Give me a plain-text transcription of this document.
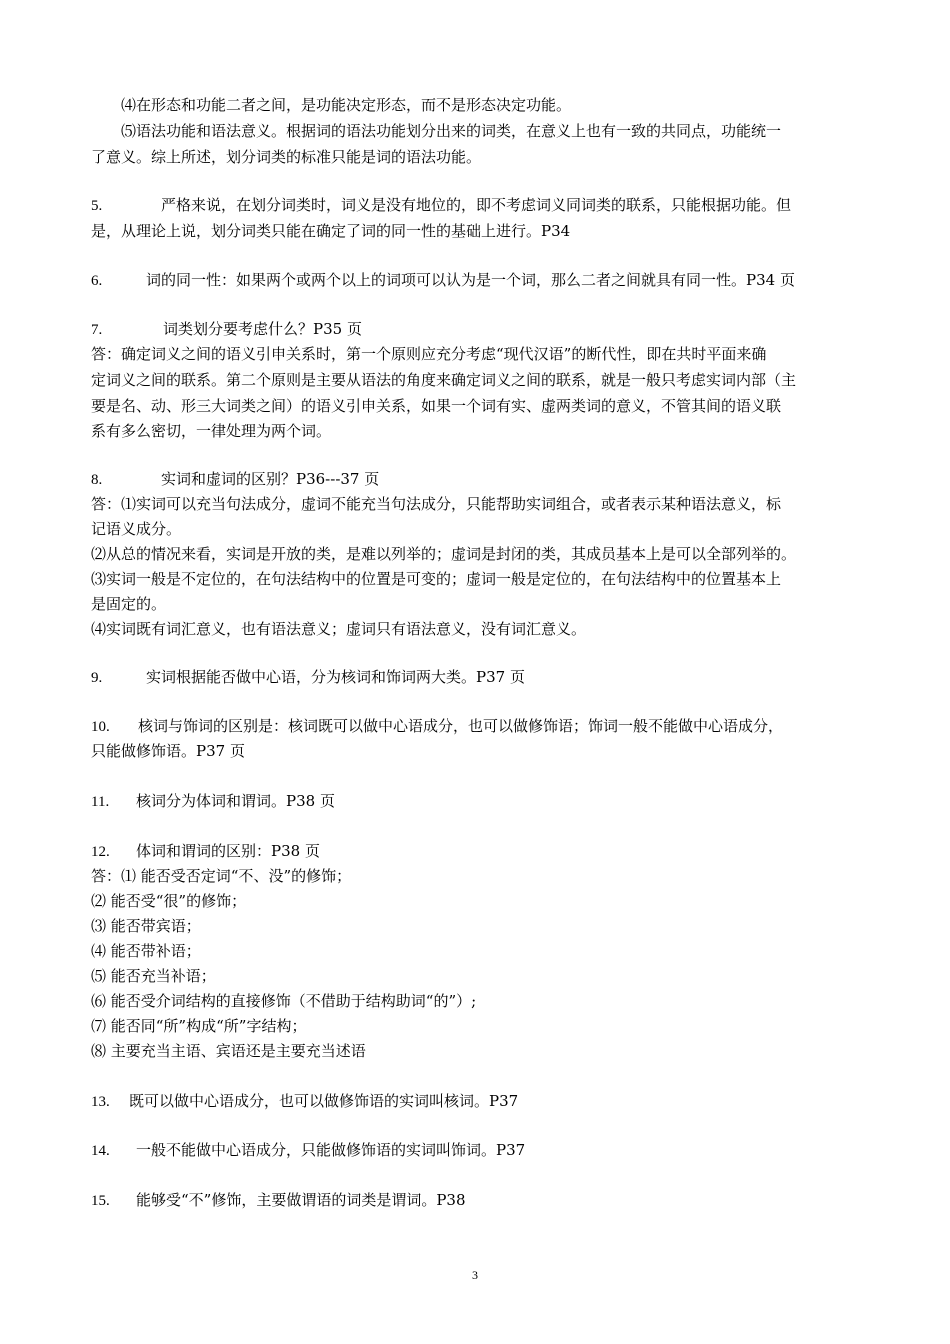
⑷在形态和功能二者之间，是功能决定形态，而不是形态决定功能。
⑸语法功能和语法意义。根据词的语法功能划分出来的词类，在意义上也有一致的共同点，功能统一
了意义。综上所述，划分词类的标准只能是词的语法功能。
5.	严格来说，在划分词类时，词义是没有地位的，即不考虑词义同词类的联系，只能根据功能。但
是，从理论上说，划分词类只能在确定了词的同一性的基础上进行。P34
6.	词的同一性：如果两个或两个以上的词项可以认为是一个词，那么二者之间就具有同一性。P34 页
7.	词类划分要考虑什么？P35 页
答：确定词义之间的语义引申关系时，第一个原则应充分考虑“现代汉语”的断代性，即在共时平面来确
定词义之间的联系。第二个原则是主要从语法的角度来确定词义之间的联系，就是一般只考虑实词内部（主
要是名、动、形三大词类之间）的语义引申关系，如果一个词有实、虚两类词的意义，不管其间的语义联
系有多么密切，一律处理为两个词。
8.	实词和虚词的区别？P36---37 页
答：⑴实词可以充当句法成分，虚词不能充当句法成分，只能帮助实词组合，或者表示某种语法意义，标
记语义成分。
⑵从总的情况来看，实词是开放的类，是难以列举的；虚词是封闭的类，其成员基本上是可以全部列举的。
⑶实词一般是不定位的，在句法结构中的位置是可变的；虚词一般是定位的，在句法结构中的位置基本上
是固定的。
⑷实词既有词汇意义，也有语法意义；虚词只有语法意义，没有词汇意义。
9.	实词根据能否做中心语，分为核词和饰词两大类。P37 页
10. 核词与饰词的区别是：核词既可以做中心语成分，也可以做修饰语；饰词一般不能做中心语成分，
只能做修饰语。P37 页
11. 核词分为体词和谓词。P38 页
12. 体词和谓词的区别：P38 页
答：⑴ 能否受否定词“不、没”的修饰；
⑵ 能否受“很”的修饰；
⑶ 能否带宾语；
⑷ 能否带补语；
⑸ 能否充当补语；
⑹ 能否受介词结构的直接修饰（不借助于结构助词“的”）;
⑺ 能否同“所”构成“所”字结构；
⑻ 主要充当主语、宾语还是主要充当述语
13. 既可以做中心语成分，也可以做修饰语的实词叫核词。P37
14. 一般不能做中心语成分，只能做修饰语的实词叫饰词。P37
15. 能够受“不”修饰，主要做谓语的词类是谓词。P38
3
